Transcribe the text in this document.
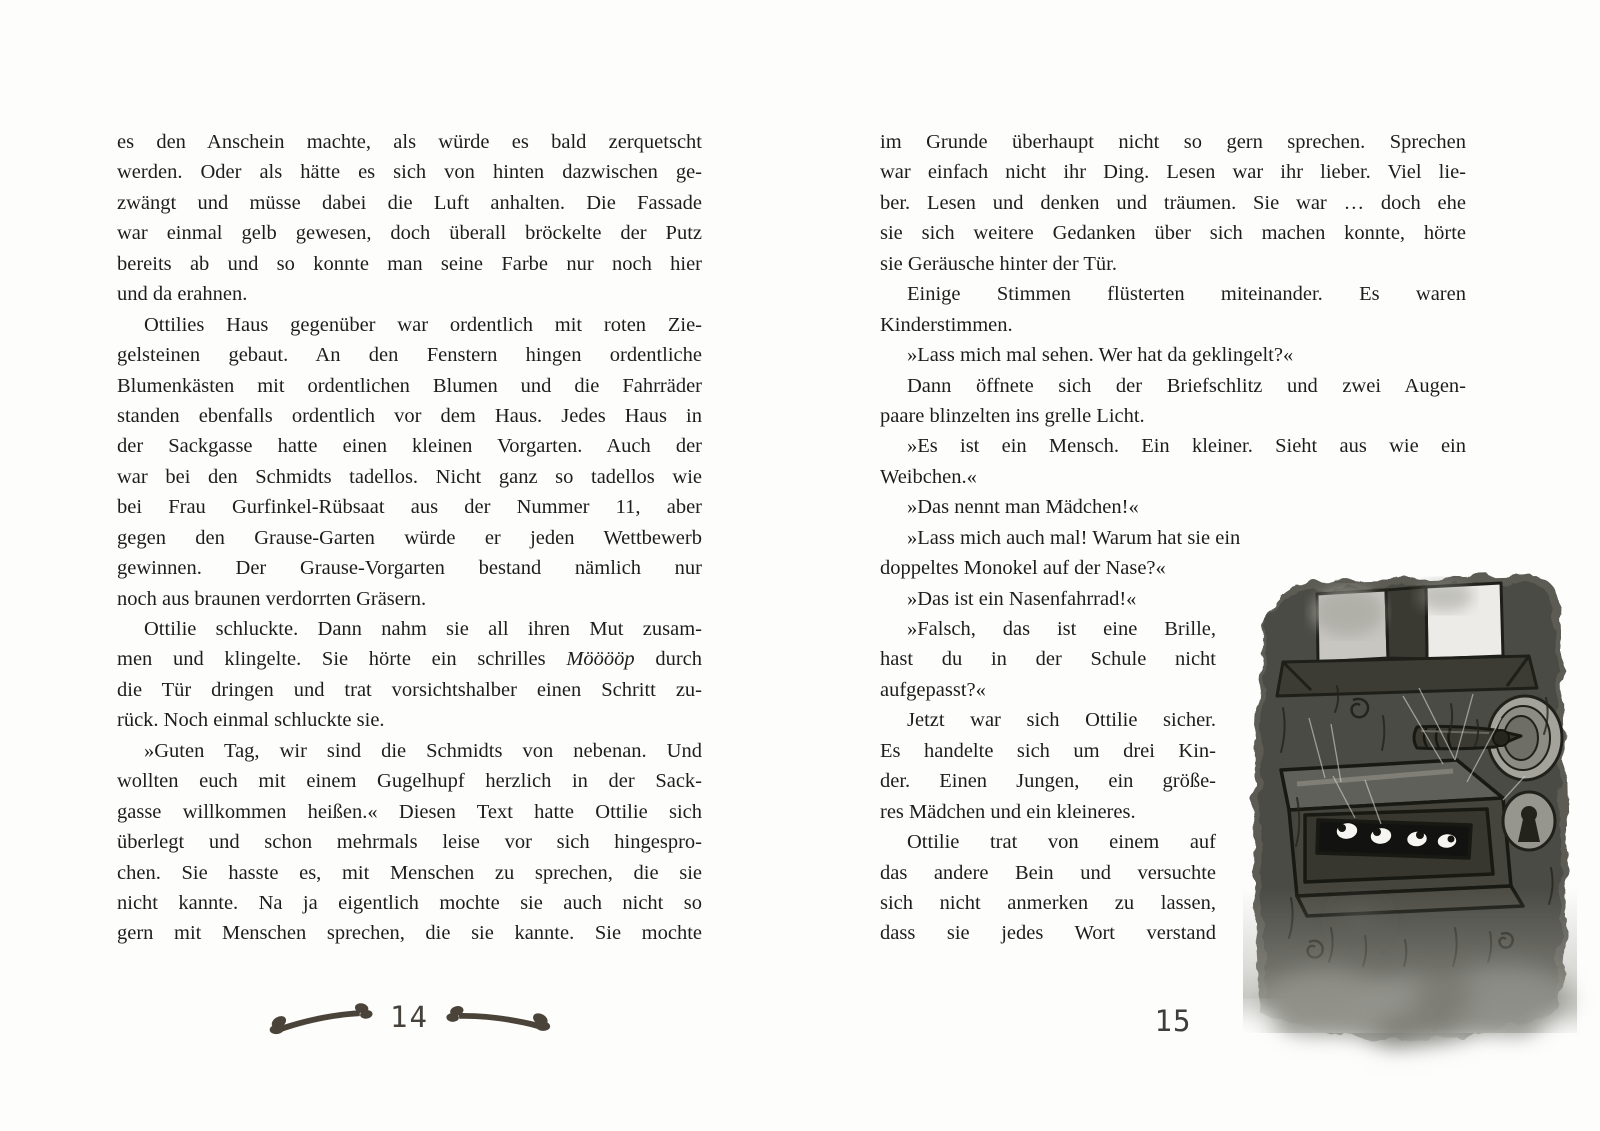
es den Anschein machte, als würde es bald zerquetscht
werden. Oder als hätte es sich von hinten dazwischen ge-
zwängt und müsse dabei die Luft anhalten. Die Fassade
war einmal gelb gewesen, doch überall bröckelte der Putz
bereits ab und so konnte man seine Farbe nur noch hier
und da erahnen.
Ottilies Haus gegenüber war ordentlich mit roten Zie-
gelsteinen gebaut. An den Fenstern hingen ordentliche
Blumenkästen mit ordentlichen Blumen und die Fahrräder
standen ebenfalls ordentlich vor dem Haus. Jedes Haus in
der Sackgasse hatte einen kleinen Vorgarten. Auch der
war bei den Schmidts tadellos. Nicht ganz so tadellos wie
bei Frau Gurfinkel-Rübsaat aus der Nummer 11, aber
gegen den Grause-Garten würde er jeden Wettbewerb
gewinnen. Der Grause-Vorgarten bestand nämlich nur
noch aus braunen verdorrten Gräsern.
Ottilie schluckte. Dann nahm sie all ihren Mut zusam-
men und klingelte. Sie hörte ein schrilles Mööööp durch
die Tür dringen und trat vorsichtshalber einen Schritt zu-
rück. Noch einmal schluckte sie.
»Guten Tag, wir sind die Schmidts von nebenan. Und
wollten euch mit einem Gugelhupf herzlich in der Sack-
gasse willkommen heißen.« Diesen Text hatte Ottilie sich
überlegt und schon mehrmals leise vor sich hingespro-
chen. Sie hasste es, mit Menschen zu sprechen, die sie
nicht kannte. Na ja eigentlich mochte sie auch nicht so
gern mit Menschen sprechen, die sie kannte. Sie mochte
14
im Grunde überhaupt nicht so gern sprechen. Sprechen
war einfach nicht ihr Ding. Lesen war ihr lieber. Viel lie-
ber. Lesen und denken und träumen. Sie war … doch ehe
sie sich weitere Gedanken über sich machen konnte, hörte
sie Geräusche hinter der Tür.
Einige Stimmen flüsterten miteinander. Es waren
Kinderstimmen.
»Lass mich mal sehen. Wer hat da geklingelt?«
Dann öffnete sich der Briefschlitz und zwei Augen-
paare blinzelten ins grelle Licht.
»Es ist ein Mensch. Ein kleiner. Sieht aus wie ein
Weibchen.«
»Das nennt man Mädchen!«
»Lass mich auch mal! Warum hat sie ein
doppeltes Monokel auf der Nase?«
»Das ist ein Nasenfahrrad!«
»Falsch, das ist eine Brille,
hast du in der Schule nicht
aufgepasst?«
Jetzt war sich Ottilie sicher.
Es handelte sich um drei Kin-
der. Einen Jungen, ein größe-
res Mädchen und ein kleineres.
Ottilie trat von einem auf
das andere Bein und versuchte
sich nicht anmerken zu lassen,
dass sie jedes Wort verstand
15
